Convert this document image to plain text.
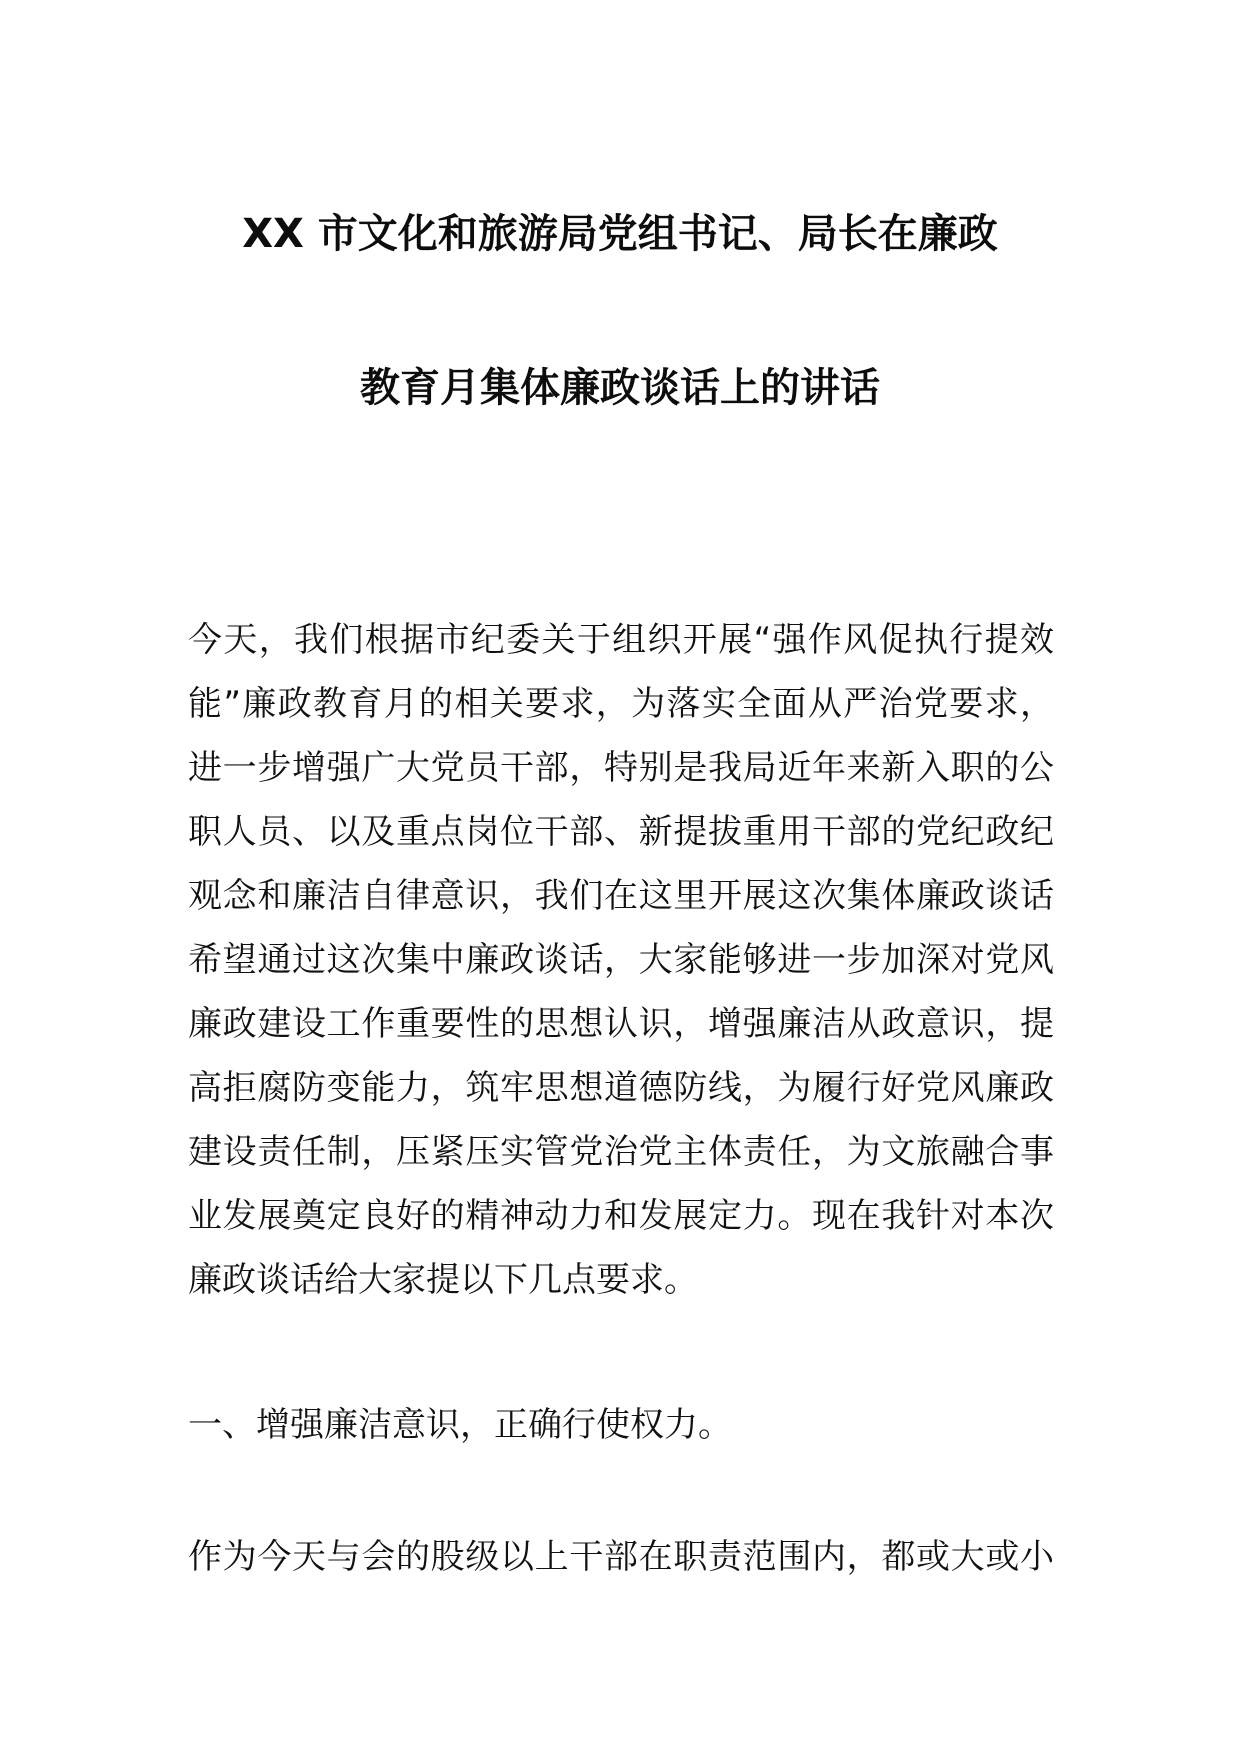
XX 市文化和旅游局党组书记、局长在廉政
教育月集体廉政谈话上的讲话
今天，我们根据市纪委关于组织开展“强作风促执行提效
能”廉政教育月的相关要求，为落实全面从严治党要求，
进一步增强广大党员干部，特别是我局近年来新入职的公
职人员、以及重点岗位干部、新提拔重用干部的党纪政纪
观念和廉洁自律意识，我们在这里开展这次集体廉政谈话
希望通过这次集中廉政谈话，大家能够进一步加深对党风
廉政建设工作重要性的思想认识，增强廉洁从政意识，提
高拒腐防变能力，筑牢思想道德防线，为履行好党风廉政
建设责任制，压紧压实管党治党主体责任，为文旅融合事
业发展奠定良好的精神动力和发展定力。现在我针对本次
廉政谈话给大家提以下几点要求。
一、增强廉洁意识，正确行使权力。
作为今天与会的股级以上干部在职责范围内，都或大或小
